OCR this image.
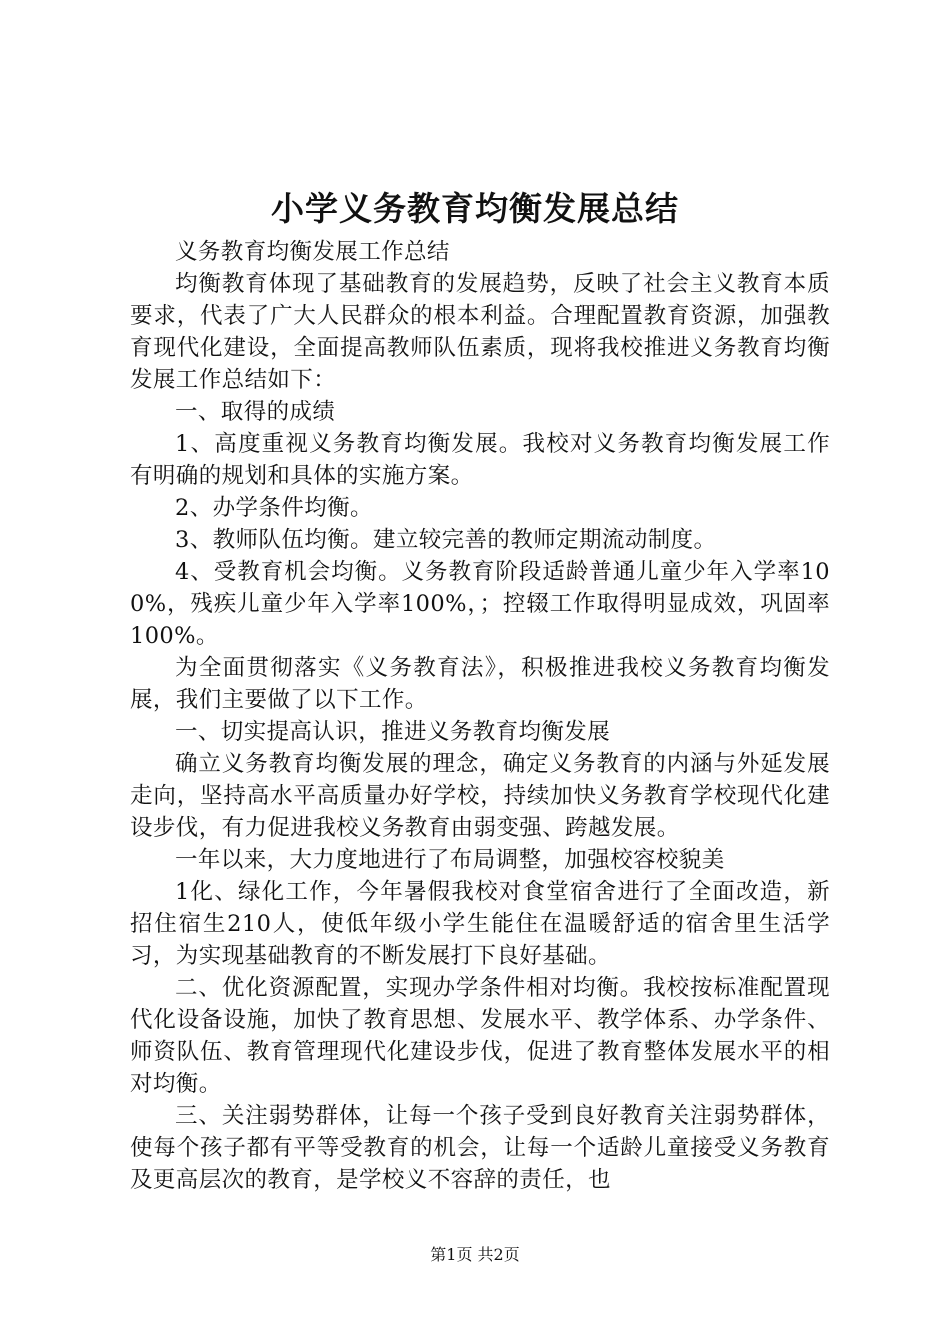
小学义务教育均衡发展总结

义务教育均衡发展工作总结

均衡教育体现了基础教育的发展趋势，反映了社会主义教育本质要求，代表了广大人民群众的根本利益。合理配置教育资源，加强教育现代化建设，全面提高教师队伍素质，现将我校推进义务教育均衡发展工作总结如下：

一、取得的成绩

1、高度重视义务教育均衡发展。我校对义务教育均衡发展工作有明确的规划和具体的实施方案。

2、办学条件均衡。

3、教师队伍均衡。建立较完善的教师定期流动制度。

4、受教育机会均衡。义务教育阶段适龄普通儿童少年入学率100%，残疾儿童少年入学率100%，；控辍工作取得明显成效，巩固率100%。

为全面贯彻落实《义务教育法》，积极推进我校义务教育均衡发展，我们主要做了以下工作。

一、切实提高认识，推进义务教育均衡发展

确立义务教育均衡发展的理念，确定义务教育的内涵与外延发展走向，坚持高水平高质量办好学校，持续加快义务教育学校现代化建设步伐，有力促进我校义务教育由弱变强、跨越发展。

一年以来，大力度地进行了布局调整，加强校容校貌美

1化、绿化工作，今年暑假我校对食堂宿舍进行了全面改造，新招住宿生210人，使低年级小学生能住在温暖舒适的宿舍里生活学习，为实现基础教育的不断发展打下良好基础。

二、优化资源配置，实现办学条件相对均衡。我校按标准配置现代化设备设施，加快了教育思想、发展水平、教学体系、办学条件、师资队伍、教育管理现代化建设步伐，促进了教育整体发展水平的相对均衡。

三、关注弱势群体，让每一个孩子受到良好教育关注弱势群体，使每个孩子都有平等受教育的机会，让每一个适龄儿童接受义务教育及更高层次的教育，是学校义不容辞的责任，也

第1页 共2页
